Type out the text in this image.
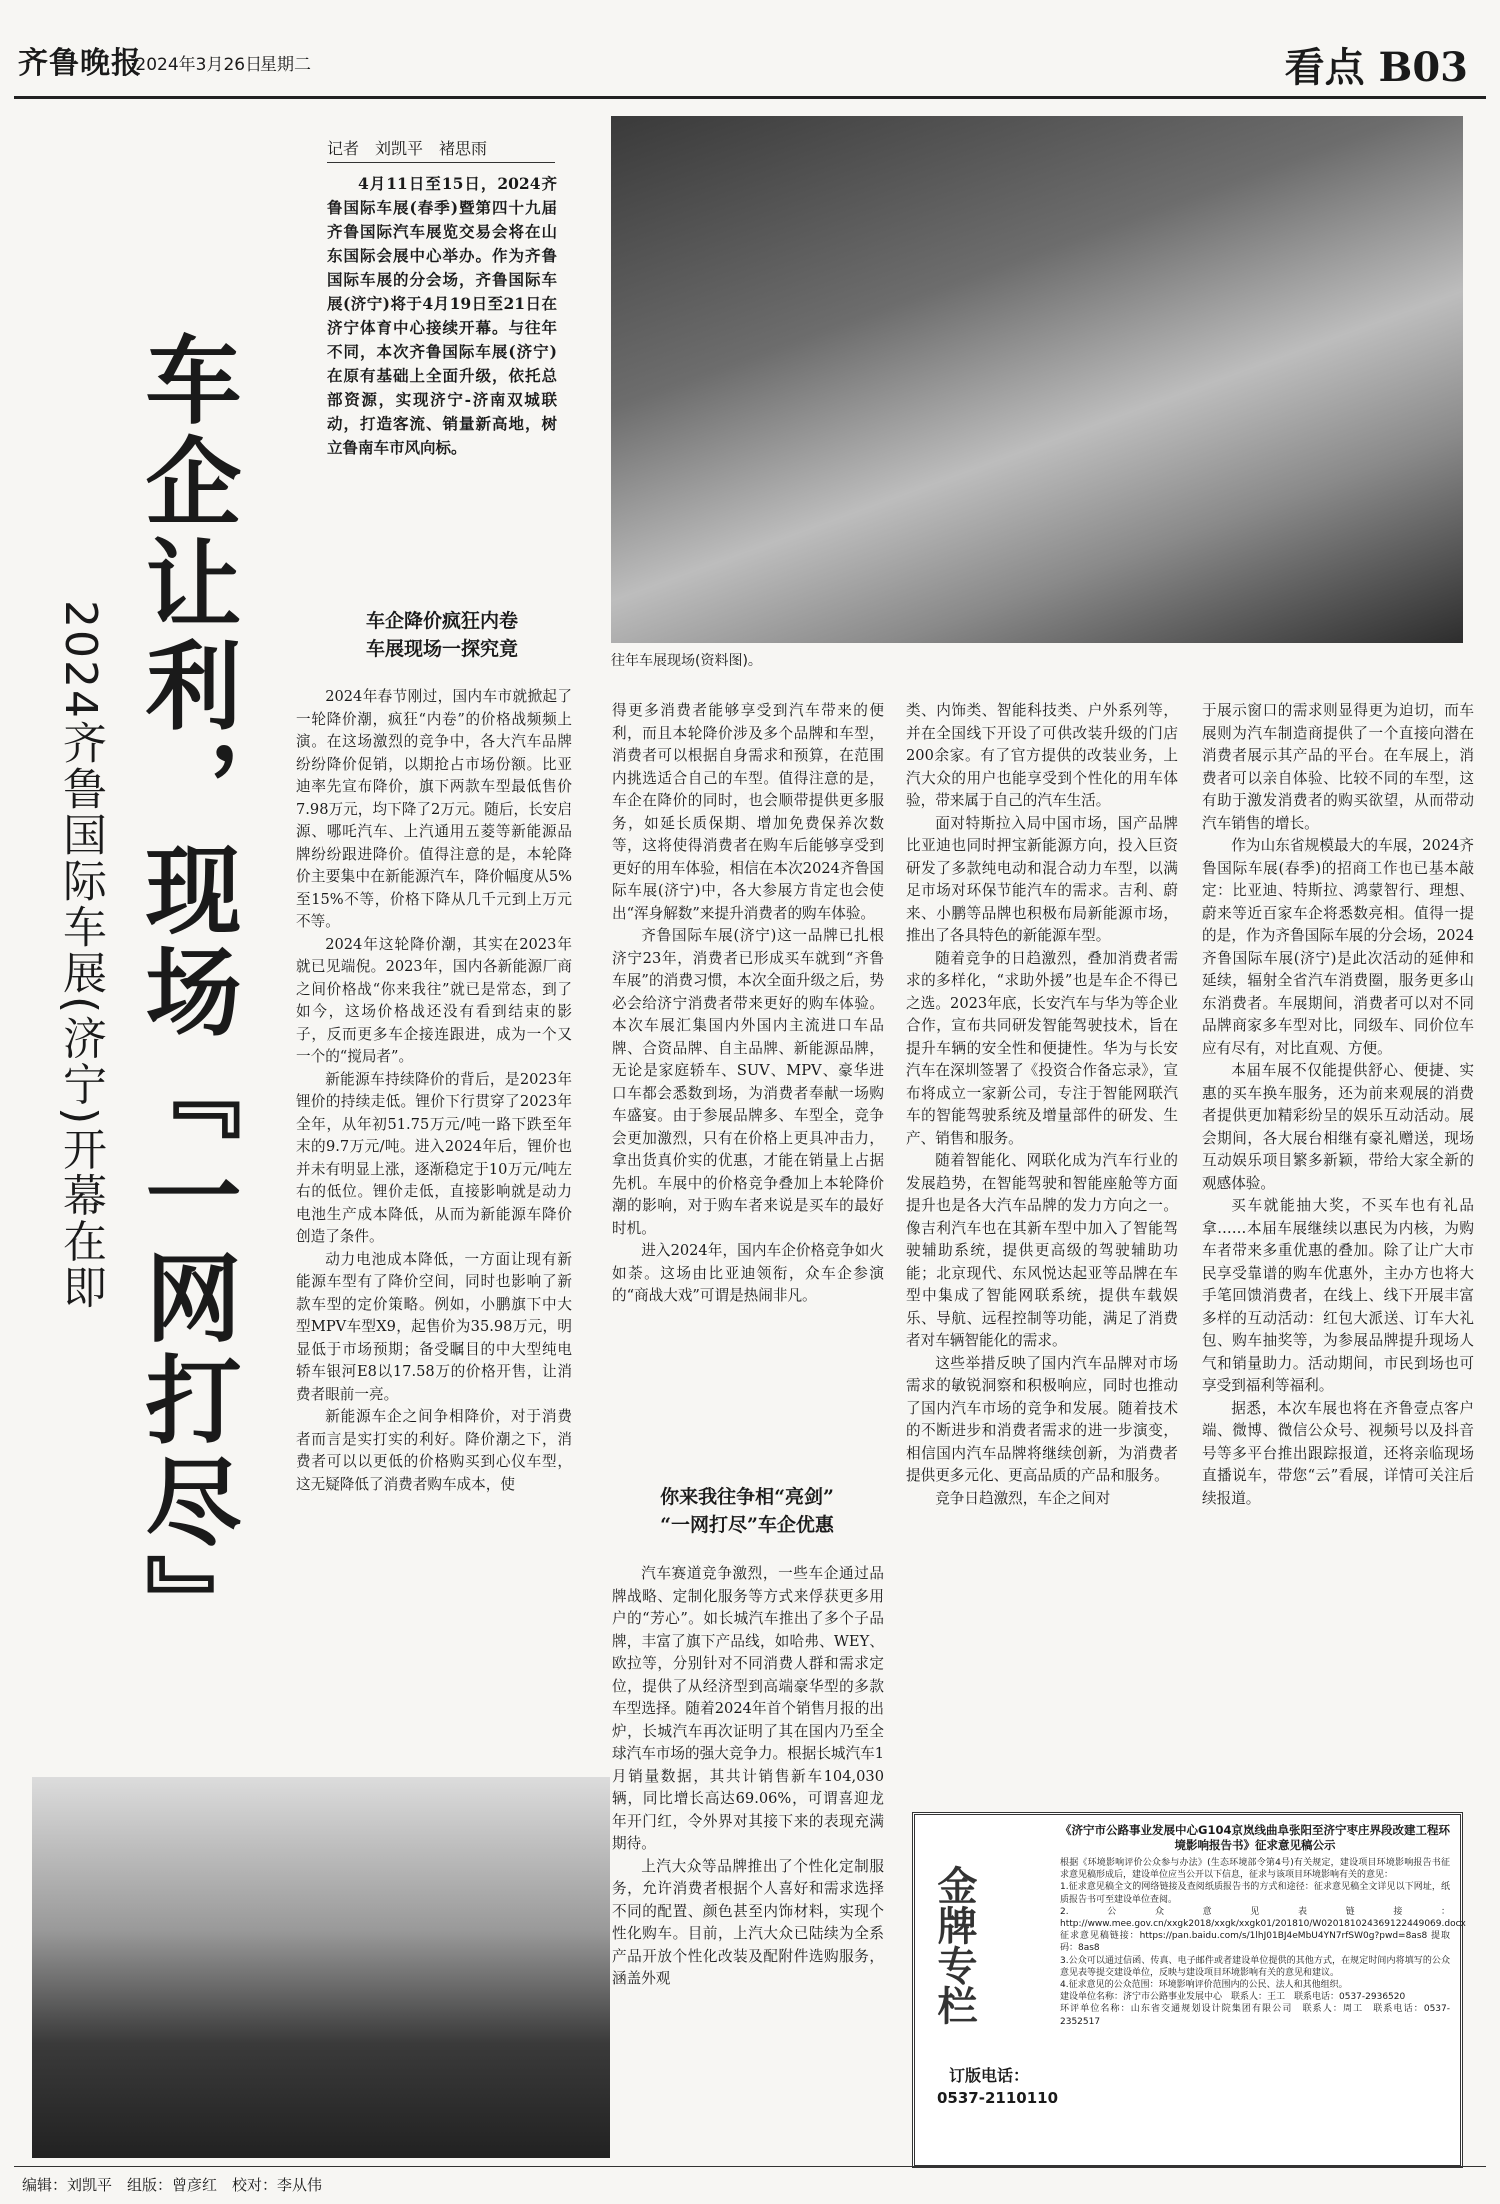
齐鲁晚报
·2024年3月26日
星期二	看点 B03
车企让利，现场『一网打尽』
2024齐鲁国际车展(济宁)开幕在即
记者　刘凯平　褚思雨
4月11日至15日，2024齐鲁国际车展(春季)暨第四十九届齐鲁国际汽车展览交易会将在山东国际会展中心举办。作为齐鲁国际车展的分会场，齐鲁国际车展(济宁)将于4月19日至21日在济宁体育中心接续开幕。与往年不同，本次齐鲁国际车展(济宁)在原有基础上全面升级，依托总部资源，实现济宁-济南双城联动，打造客流、销量新高地，树立鲁南车市风向标。
往年车展现场(资料图)。
车企降价疯狂内卷
车展现场一探究竟
你来我往争相“亮剑”
“一网打尽”车企优惠

2024年春节刚过，国内车市就掀起了一轮降价潮，疯狂“内卷”的价格战频频上演。在这场激烈的竞争中，各大汽车品牌纷纷降价促销，以期抢占市场份额。比亚迪率先宣布降价，旗下两款车型最低售价7.98万元，均下降了2万元。随后，长安启源、哪吒汽车、上汽通用五菱等新能源品牌纷纷跟进降价。值得注意的是，本轮降价主要集中在新能源汽车，降价幅度从5%至15%不等，价格下降从几千元到上万元不等。

2024年这轮降价潮，其实在2023年就已见端倪。2023年，国内各新能源厂商之间价格战“你来我往”就已是常态，到了如今，这场价格战还没有看到结束的影子，反而更多车企接连跟进，成为一个又一个的“搅局者”。

新能源车持续降价的背后，是2023年锂价的持续走低。锂价下行贯穿了2023年全年，从年初51.75万元/吨一路下跌至年末的9.7万元/吨。进入2024年后，锂价也并未有明显上涨，逐渐稳定于10万元/吨左右的低位。锂价走低，直接影响就是动力电池生产成本降低，从而为新能源车降价创造了条件。

动力电池成本降低，一方面让现有新能源车型有了降价空间，同时也影响了新款车型的定价策略。例如，小鹏旗下中大型MPV车型X9，起售价为35.98万元，明显低于市场预期；备受瞩目的中大型纯电轿车银河E8以17.58万的价格开售，让消费者眼前一亮。

新能源车企之间争相降价，对于消费者而言是实打实的利好。降价潮之下，消费者可以以更低的价格购买到心仪车型，这无疑降低了消费者购车成本，使

得更多消费者能够享受到汽车带来的便利，而且本轮降价涉及多个品牌和车型，消费者可以根据自身需求和预算，在范围内挑选适合自己的车型。值得注意的是，车企在降价的同时，也会顺带提供更多服务，如延长质保期、增加免费保养次数等，这将使得消费者在购车后能够享受到更好的用车体验，相信在本次2024齐鲁国际车展(济宁)中，各大参展方肯定也会使出“浑身解数”来提升消费者的购车体验。

齐鲁国际车展(济宁)这一品牌已扎根济宁23年，消费者已形成买车就到“齐鲁车展”的消费习惯，本次全面升级之后，势必会给济宁消费者带来更好的购车体验。本次车展汇集国内外国内主流进口车品牌、合资品牌、自主品牌、新能源品牌，无论是家庭轿车、SUV、MPV、豪华进口车都会悉数到场，为消费者奉献一场购车盛宴。由于参展品牌多、车型全，竞争会更加激烈，只有在价格上更具冲击力，拿出货真价实的优惠，才能在销量上占据先机。车展中的价格竞争叠加上本轮降价潮的影响，对于购车者来说是买车的最好时机。

进入2024年，国内车企价格竞争如火如荼。这场由比亚迪领衔，众车企参演的“商战大戏”可谓是热闹非凡。

汽车赛道竞争激烈，一些车企通过品牌战略、定制化服务等方式来俘获更多用户的“芳心”。如长城汽车推出了多个子品牌，丰富了旗下产品线，如哈弗、WEY、欧拉等，分别针对不同消费人群和需求定位，提供了从经济型到高端豪华型的多款车型选择。随着2024年首个销售月报的出炉，长城汽车再次证明了其在国内乃至全球汽车市场的强大竞争力。根据长城汽车1月销量数据，其共计销售新车104,030辆，同比增长高达69.06%，可谓喜迎龙年开门红，令外界对其接下来的表现充满期待。

上汽大众等品牌推出了个性化定制服务，允许消费者根据个人喜好和需求选择不同的配置、颜色甚至内饰材料，实现个性化购车。目前，上汽大众已陆续为全系产品开放个性化改装及配附件选购服务，涵盖外观

类、内饰类、智能科技类、户外系列等，并在全国线下开设了可供改装升级的门店200余家。有了官方提供的改装业务，上汽大众的用户也能享受到个性化的用车体验，带来属于自己的汽车生活。

面对特斯拉入局中国市场，国产品牌比亚迪也同时押宝新能源方向，投入巨资研发了多款纯电动和混合动力车型，以满足市场对环保节能汽车的需求。吉利、蔚来、小鹏等品牌也积极布局新能源市场，推出了各具特色的新能源车型。

随着竞争的日趋激烈，叠加消费者需求的多样化，“求助外援”也是车企不得已之选。2023年底，长安汽车与华为等企业合作，宣布共同研发智能驾驶技术，旨在提升车辆的安全性和便捷性。华为与长安汽车在深圳签署了《投资合作备忘录》，宣布将成立一家新公司，专注于智能网联汽车的智能驾驶系统及增量部件的研发、生产、销售和服务。

随着智能化、网联化成为汽车行业的发展趋势，在智能驾驶和智能座舱等方面提升也是各大汽车品牌的发力方向之一。像吉利汽车也在其新车型中加入了智能驾驶辅助系统，提供更高级的驾驶辅助功能；北京现代、东风悦达起亚等品牌在车型中集成了智能网联系统，提供车载娱乐、导航、远程控制等功能，满足了消费者对车辆智能化的需求。

这些举措反映了国内汽车品牌对市场需求的敏锐洞察和积极响应，同时也推动了国内汽车市场的竞争和发展。随着技术的不断进步和消费者需求的进一步演变，相信国内汽车品牌将继续创新，为消费者提供更多元化、更高品质的产品和服务。

竞争日趋激烈，车企之间对

于展示窗口的需求则显得更为迫切，而车展则为汽车制造商提供了一个直接向潜在消费者展示其产品的平台。在车展上，消费者可以亲自体验、比较不同的车型，这有助于激发消费者的购买欲望，从而带动汽车销售的增长。

作为山东省规模最大的车展，2024齐鲁国际车展(春季)的招商工作也已基本敲定：比亚迪、特斯拉、鸿蒙智行、理想、蔚来等近百家车企将悉数亮相。值得一提的是，作为齐鲁国际车展的分会场，2024齐鲁国际车展(济宁)是此次活动的延伸和延续，辐射全省汽车消费圈，服务更多山东消费者。车展期间，消费者可以对不同品牌商家多车型对比，同级车、同价位车应有尽有，对比直观、方便。

本届车展不仅能提供舒心、便捷、实惠的买车换车服务，还为前来观展的消费者提供更加精彩纷呈的娱乐互动活动。展会期间，各大展台相继有豪礼赠送，现场互动娱乐项目繁多新颖，带给大家全新的观感体验。

买车就能抽大奖，不买车也有礼品拿……本届车展继续以惠民为内核，为购车者带来多重优惠的叠加。除了让广大市民享受靠谱的购车优惠外，主办方也将大手笔回馈消费者，在线上、线下开展丰富多样的互动活动：红包大派送、订车大礼包、购车抽奖等，为参展品牌提升现场人气和销量助力。活动期间，市民到场也可享受到福利等福利。

据悉，本次车展也将在齐鲁壹点客户端、微博、微信公众号、视频号以及抖音号等多平台推出跟踪报道，还将亲临现场直播说车，带您“云”看展，详情可关注后续报道。

金牌专栏
订版电话：
0537-2110110
《济宁市公路事业发展中心G104京岚线曲阜张阳至济宁枣庄界段改建工程环境影响报告书》征求意见稿公示

根据《环境影响评价公众参与办法》(生态环境部令第4号)有关规定，建设项目环境影响报告书征求意见稿形成后，建设单位应当公开以下信息，征求与该项目环境影响有关的意见：

1.征求意见稿全文的网络链接及查阅纸质报告书的方式和途径：征求意见稿全文详见以下网址，纸质报告书可至建设单位查阅。

2.公众意见表链接：http://www.mee.gov.cn/xxgk2018/xxgk/xxgk01/201810/W020181024369122449069.docx

征求意见稿链接：https://pan.baidu.com/s/1lhJ01BJ4eMbU4YN7rfSW0g?pwd=8as8 提取码：8as8

3.公众可以通过信函、传真、电子邮件或者建设单位提供的其他方式，在规定时间内将填写的公众意见表等提交建设单位，反映与建设项目环境影响有关的意见和建议。

4.征求意见的公众范围：环境影响评价范围内的公民、法人和其他组织。

建设单位名称：济宁市公路事业发展中心　联系人：王工　联系电话：0537-2936520

环评单位名称：山东省交通规划设计院集团有限公司　联系人：周工　联系电话：0537-2352517

编辑：刘凯平　组版：曾彦红　校对：李从伟
